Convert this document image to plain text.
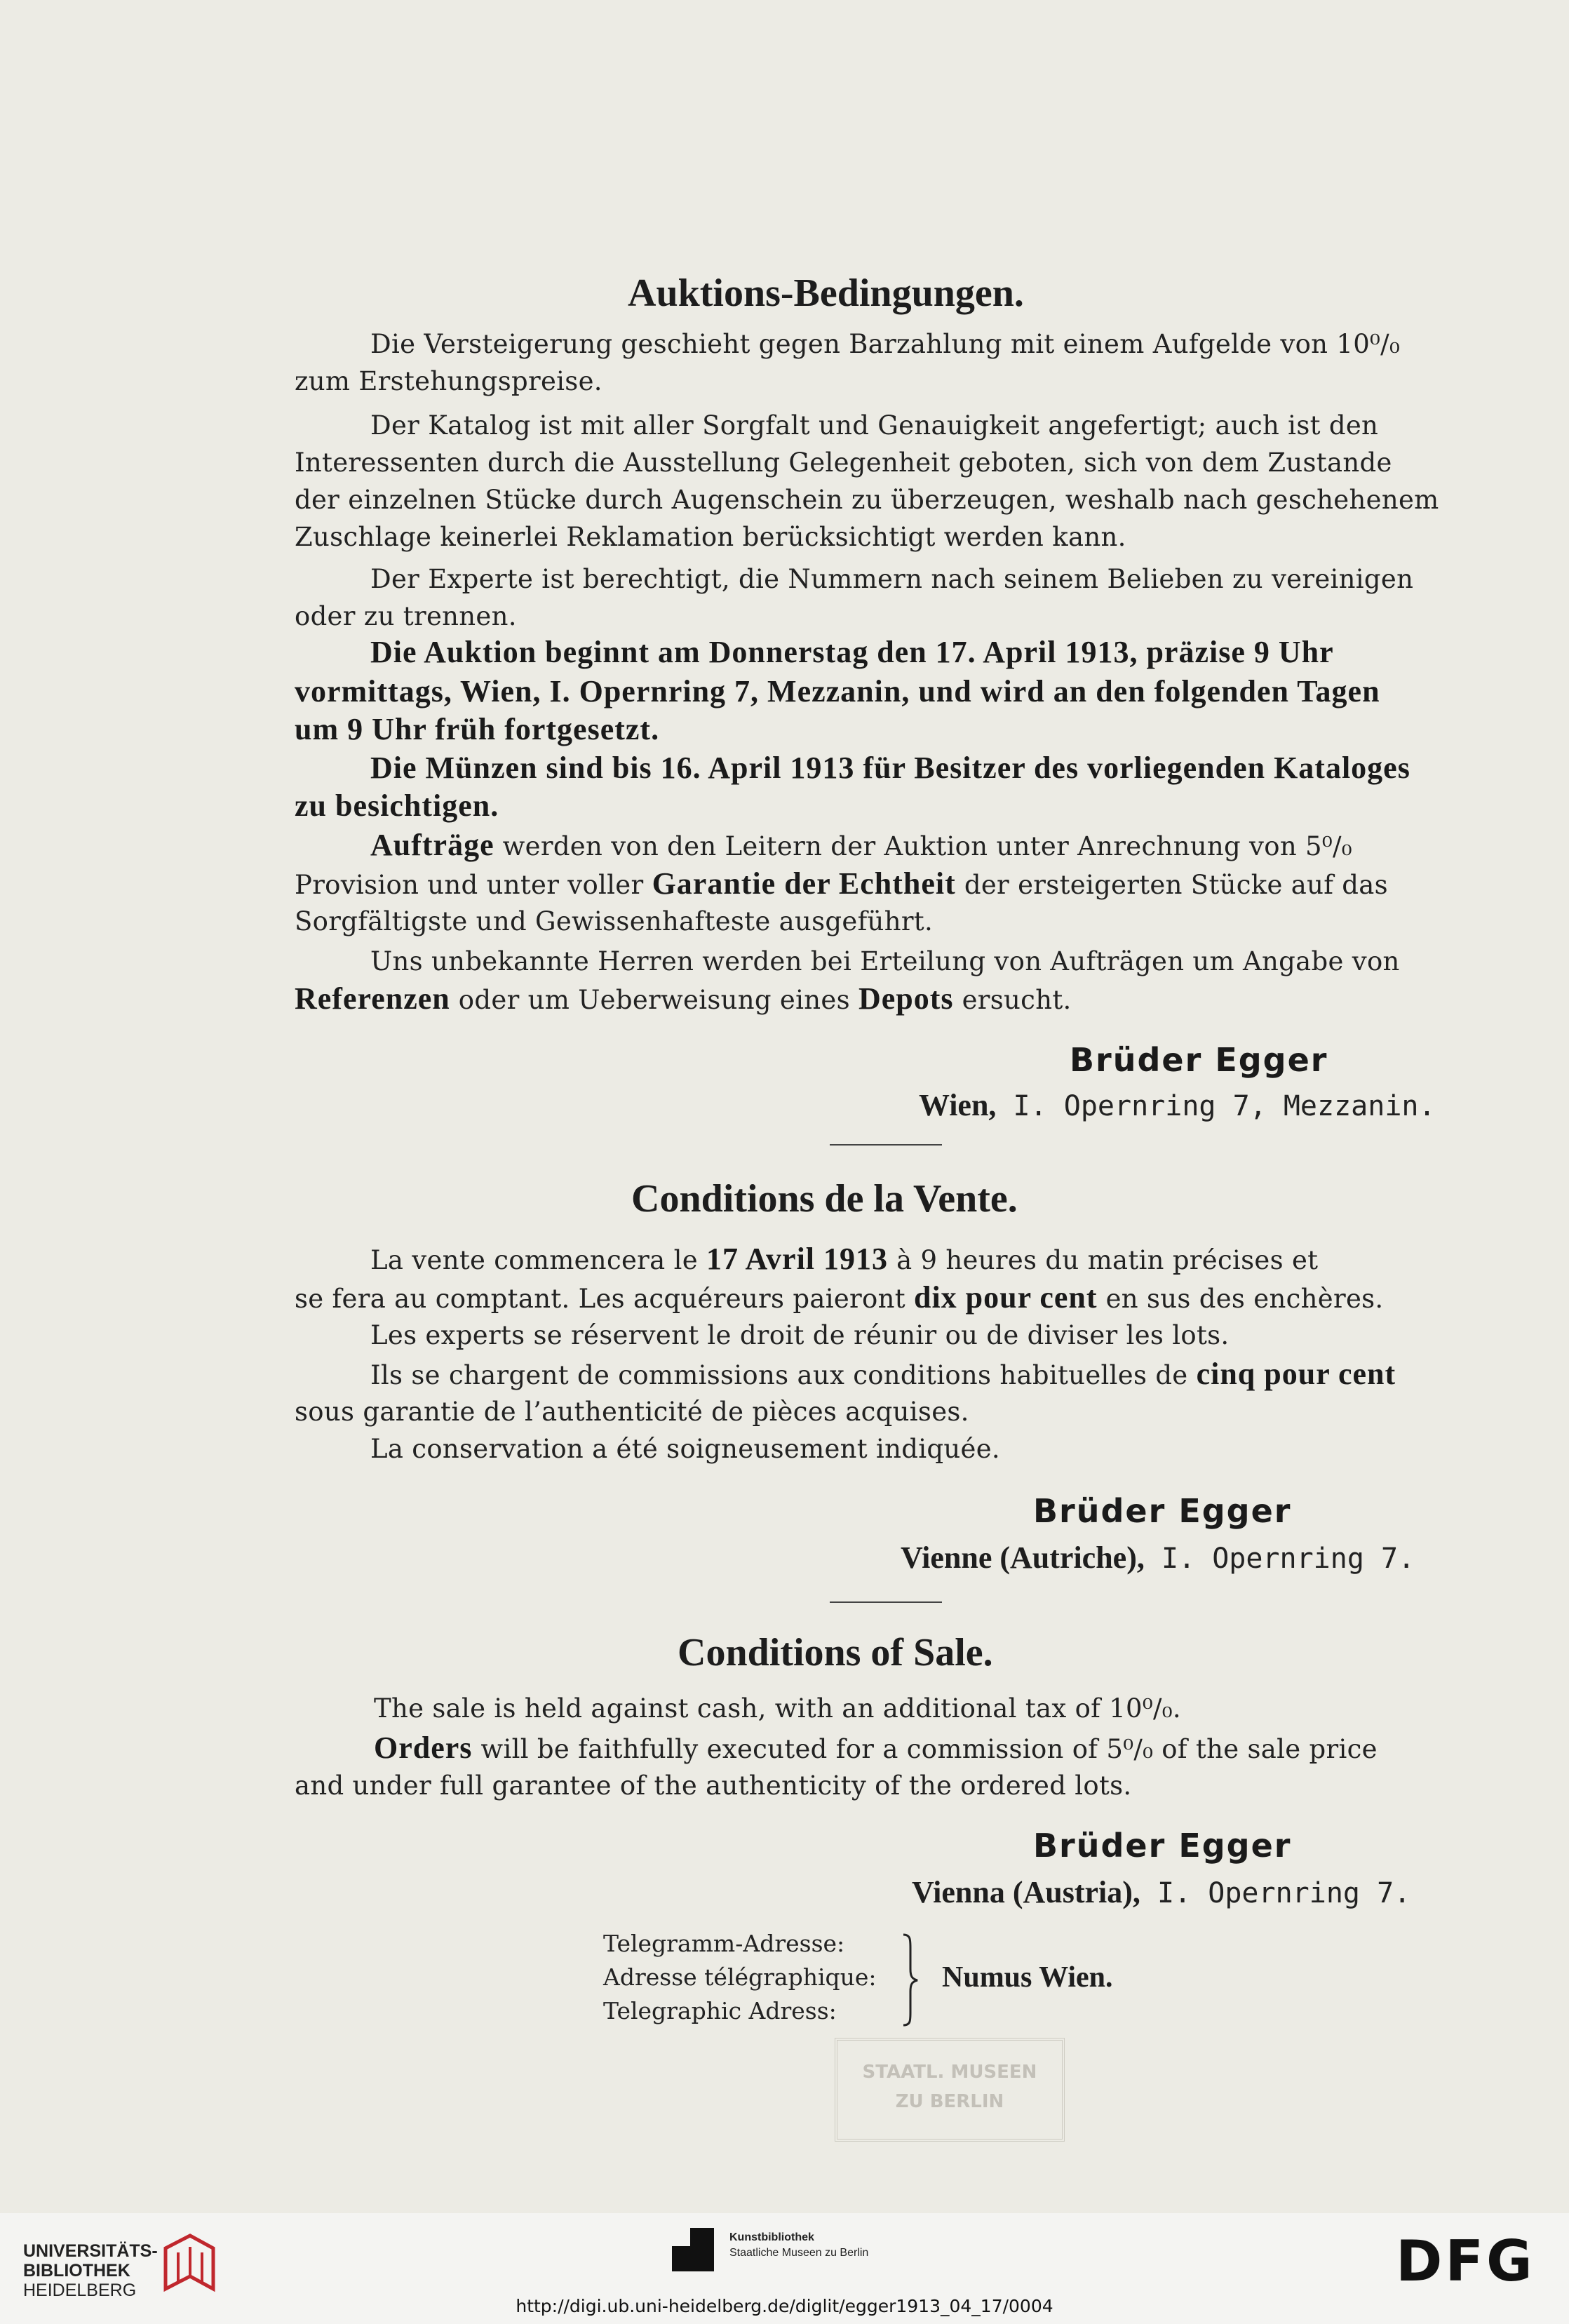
Auktions-Bedingungen.
Die Versteigerung geschieht gegen Barzahlung mit einem Aufgelde von 10⁰/₀
zum Erstehungspreise.
Der Katalog ist mit aller Sorgfalt und Genauigkeit angefertigt; auch ist den
Interessenten durch die Ausstellung Gelegenheit geboten, sich von dem Zustande
der einzelnen Stücke durch Augenschein zu überzeugen, weshalb nach geschehenem
Zuschlage keinerlei Reklamation berücksichtigt werden kann.
Der Experte ist berechtigt, die Nummern nach seinem Belieben zu vereinigen
oder zu trennen.
Die Auktion beginnt am Donnerstag den 17. April 1913, präzise 9 Uhr
vormittags, Wien, I. Opernring 7, Mezzanin, und wird an den folgenden Tagen
um 9 Uhr früh fortgesetzt.
Die Münzen sind bis 16. April 1913 für Besitzer des vorliegenden Kataloges
zu besichtigen.
Aufträge werden von den Leitern der Auktion unter Anrechnung von 5⁰/₀
Provision und unter voller Garantie der Echtheit der ersteigerten Stücke auf das
Sorgfältigste und Gewissenhafteste ausgeführt.
Uns unbekannte Herren werden bei Erteilung von Aufträgen um Angabe von
Referenzen oder um Ueberweisung eines Depots ersucht.
Brüder Egger
Wien, I. Opernring 7, Mezzanin.
Conditions de la Vente.
La vente commencera le 17 Avril 1913 à 9 heures du matin précises et
se fera au comptant. Les acquéreurs paieront dix pour cent en sus des enchères.
Les experts se réservent le droit de réunir ou de diviser les lots.
Ils se chargent de commissions aux conditions habituelles de cinq pour cent
sous garantie de l’authenticité de pièces acquises.
La conservation a été soigneusement indiquée.
Brüder Egger
Vienne (Autriche), I. Opernring 7.
Conditions of Sale.
The sale is held against cash, with an additional tax of 10⁰/₀.
Orders will be faithfully executed for a commission of 5⁰/₀ of the sale price
and under full garantee of the authenticity of the ordered lots.
Brüder Egger
Vienna (Austria), I. Opernring 7.
Telegramm-Adresse:
Adresse télégraphique:
Telegraphic Adress:
Numus Wien.
STAATL. MUSEEN
ZU BERLIN
UNIVERSITÄTS-
BIBLIOTHEK
HEIDELBERG
Kunstbibliothek
Staatliche Museen zu Berlin	DFG
http://digi.ub.uni-heidelberg.de/diglit/egger1913_04_17/0004
